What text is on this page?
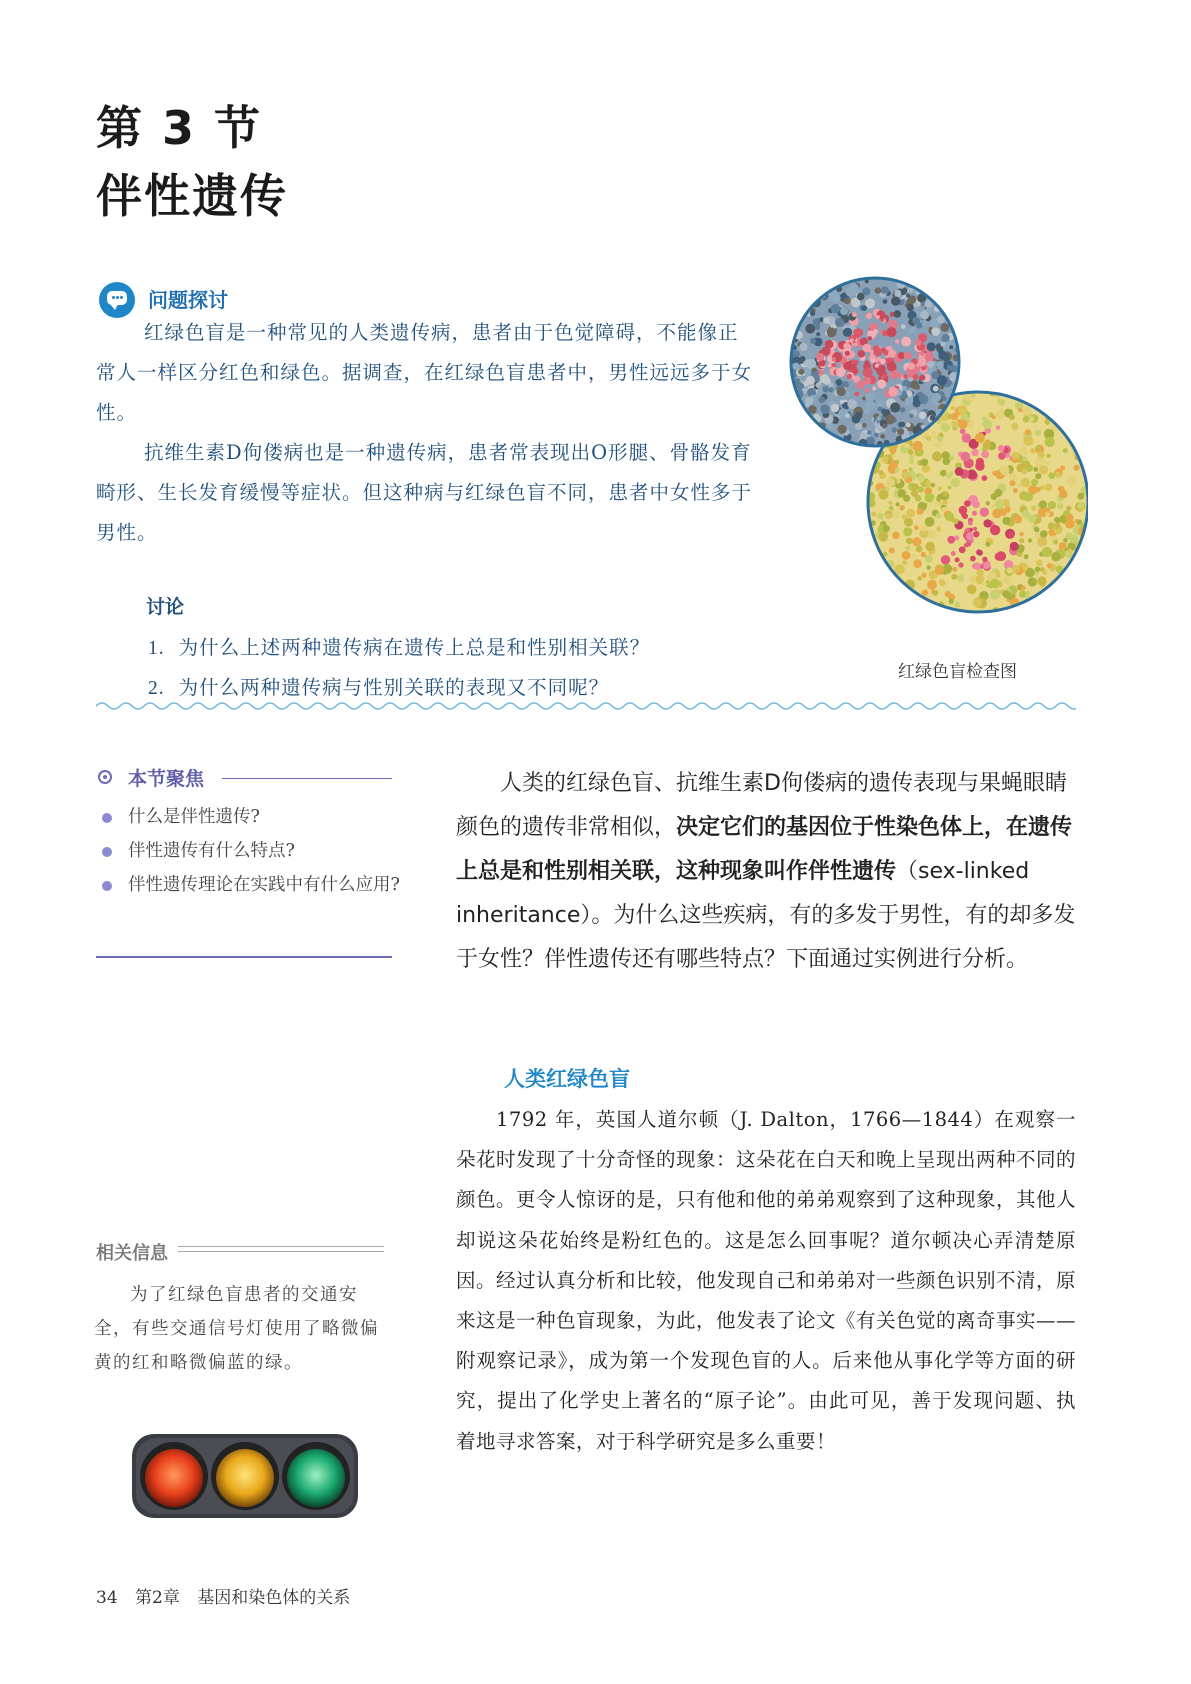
第 3 节
伴性遗传
问题探讨

红绿色盲是一种常见的人类遗传病，患者由于色觉障碍，不能像正常人一样区分红色和绿色。据调查，在红绿色盲患者中，男性远远多于女性。

抗维生素D佝偻病也是一种遗传病，患者常表现出O形腿、骨骼发育畸形、生长发育缓慢等症状。但这种病与红绿色盲不同，患者中女性多于男性。

讨论
1. 为什么上述两种遗传病在遗传上总是和性别相关联？
2. 为什么两种遗传病与性别关联的表现又不同呢？
红绿色盲检查图
本节聚焦
什么是伴性遗传?
伴性遗传有什么特点?
伴性遗传理论在实践中有什么应用?
人类的红绿色盲、抗维生素D佝偻病的遗传表现与果蝇眼睛颜色的遗传非常相似，决定它们的基因位于性染色体上，在遗传上总是和性别相关联，这种现象叫作伴性遗传（sex-linked inheritance）。为什么这些疾病，有的多发于男性，有的却多发于女性？伴性遗传还有哪些特点？下面通过实例进行分析。
人类红绿色盲
1792 年，英国人道尔顿（J. Dalton，1766—1844）在观察一朵花时发现了十分奇怪的现象：这朵花在白天和晚上呈现出两种不同的颜色。更令人惊讶的是，只有他和他的弟弟观察到了这种现象，其他人却说这朵花始终是粉红色的。这是怎么回事呢？道尔顿决心弄清楚原因。经过认真分析和比较，他发现自己和弟弟对一些颜色识别不清，原来这是一种色盲现象，为此，他发表了论文《有关色觉的离奇事实——附观察记录》，成为第一个发现色盲的人。后来他从事化学等方面的研究，提出了化学史上著名的“原子论”。由此可见，善于发现问题、执着地寻求答案，对于科学研究是多么重要！
相关信息
为了红绿色盲患者的交通安全，有些交通信号灯使用了略微偏黄的红和略微偏蓝的绿。
34 第2章 基因和染色体的关系
